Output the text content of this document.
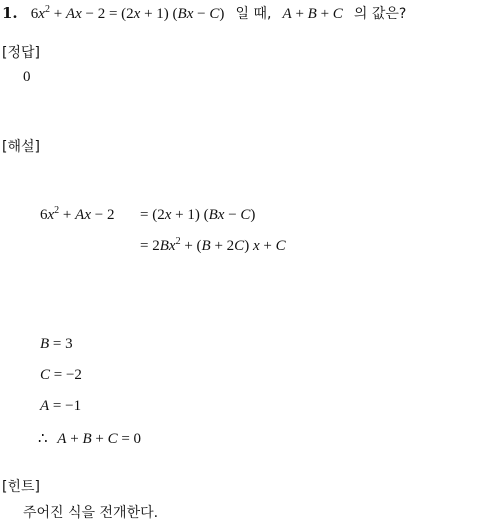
1. $6x^2 + Ax - 2 = (2x + 1) (Bx - C)$ 일 때, A + B + C 의 값은?
[정답]
0
[해설]
$6x^2 + Ax - 2 = (2x + 1) (Bx - C)$
= $2Bx^2 + (B + 2C) x + C$
B = 3
C = −2
A = −1
∴ A + B + C = 0
[힌트]
주어진 식을 전개한다.
